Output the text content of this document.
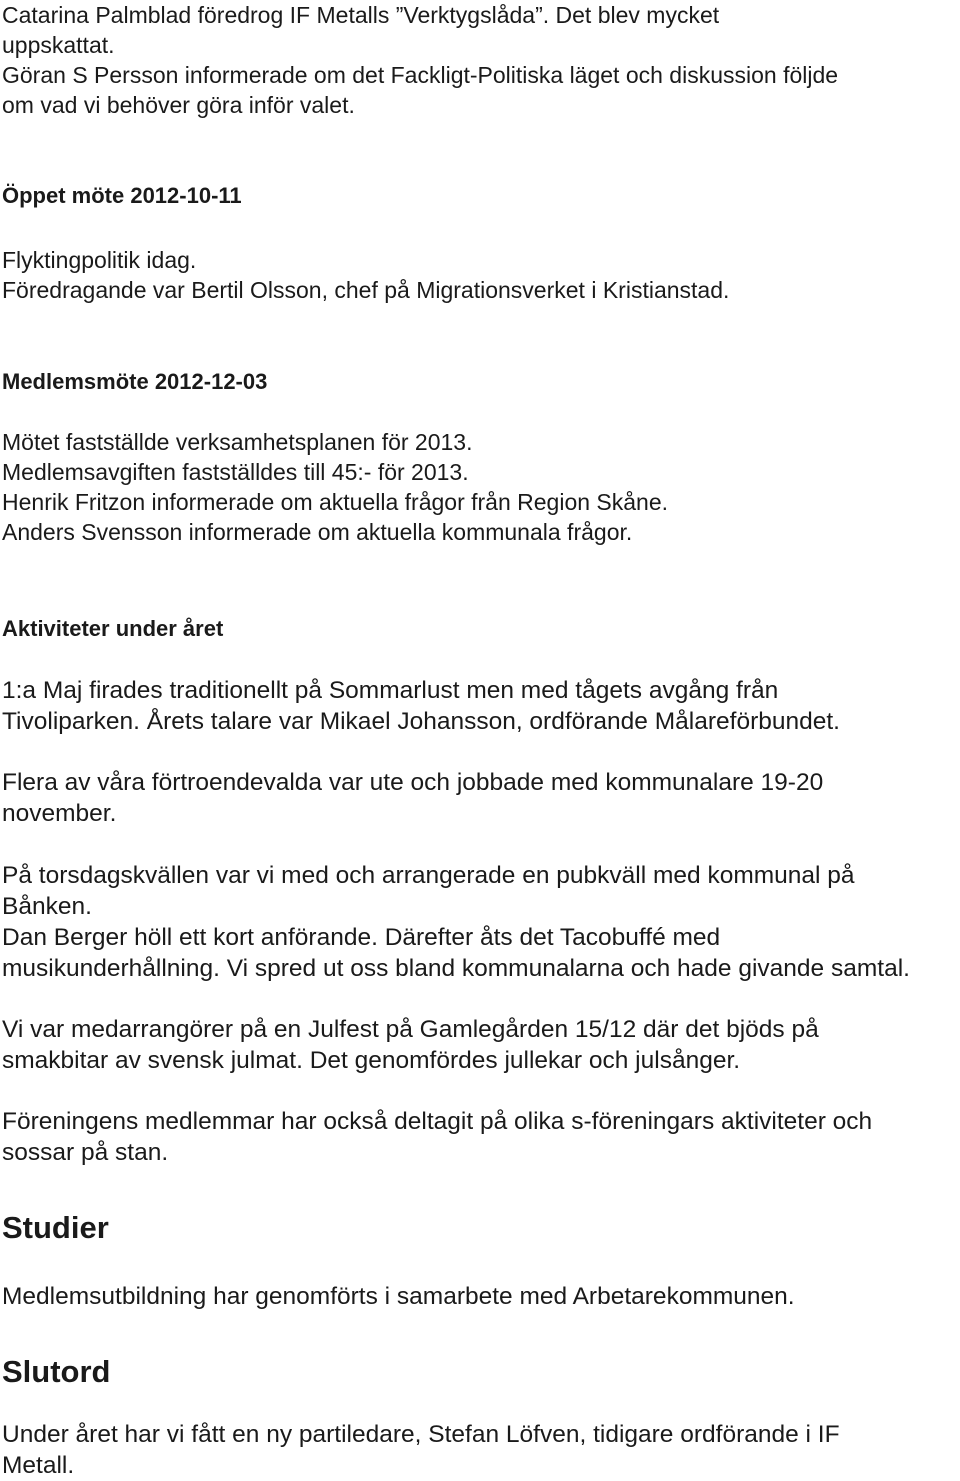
Catarina Palmblad föredrog IF Metalls ”Verktygslåda”. Det blev mycket
uppskattat.
Göran S Persson informerade om det Fackligt-Politiska läget och diskussion följde
om vad vi behöver göra inför valet.
Öppet möte 2012-10-11
Flyktingpolitik idag.
Föredragande var Bertil Olsson, chef på Migrationsverket i Kristianstad.
Medlemsmöte 2012-12-03
Mötet fastställde verksamhetsplanen för 2013.
Medlemsavgiften fastställdes till 45:- för 2013.
Henrik Fritzon informerade om aktuella frågor från Region Skåne.
Anders Svensson informerade om aktuella kommunala frågor.
Aktiviteter under året
1:a Maj firades traditionellt på Sommarlust men med tågets avgång från
Tivoliparken. Årets talare var Mikael Johansson, ordförande Målareförbundet.
Flera av våra förtroendevalda var ute och jobbade med kommunalare 19-20
november.
På torsdagskvällen var vi med och arrangerade en pubkväll med kommunal på
Bånken.
Dan Berger höll ett kort anförande. Därefter åts det Tacobuffé med
musikunderhållning. Vi spred ut oss bland kommunalarna och hade givande samtal.
Vi var medarrangörer på en Julfest på Gamlegården 15/12 där det bjöds på
smakbitar av svensk julmat. Det genomfördes jullekar och julsånger.
Föreningens medlemmar har också deltagit på olika s-föreningars aktiviteter och
sossar på stan.
Studier
Medlemsutbildning har genomförts i samarbete med Arbetarekommunen.
Slutord
Under året har vi fått en ny partiledare, Stefan Löfven, tidigare ordförande i IF
Metall.
